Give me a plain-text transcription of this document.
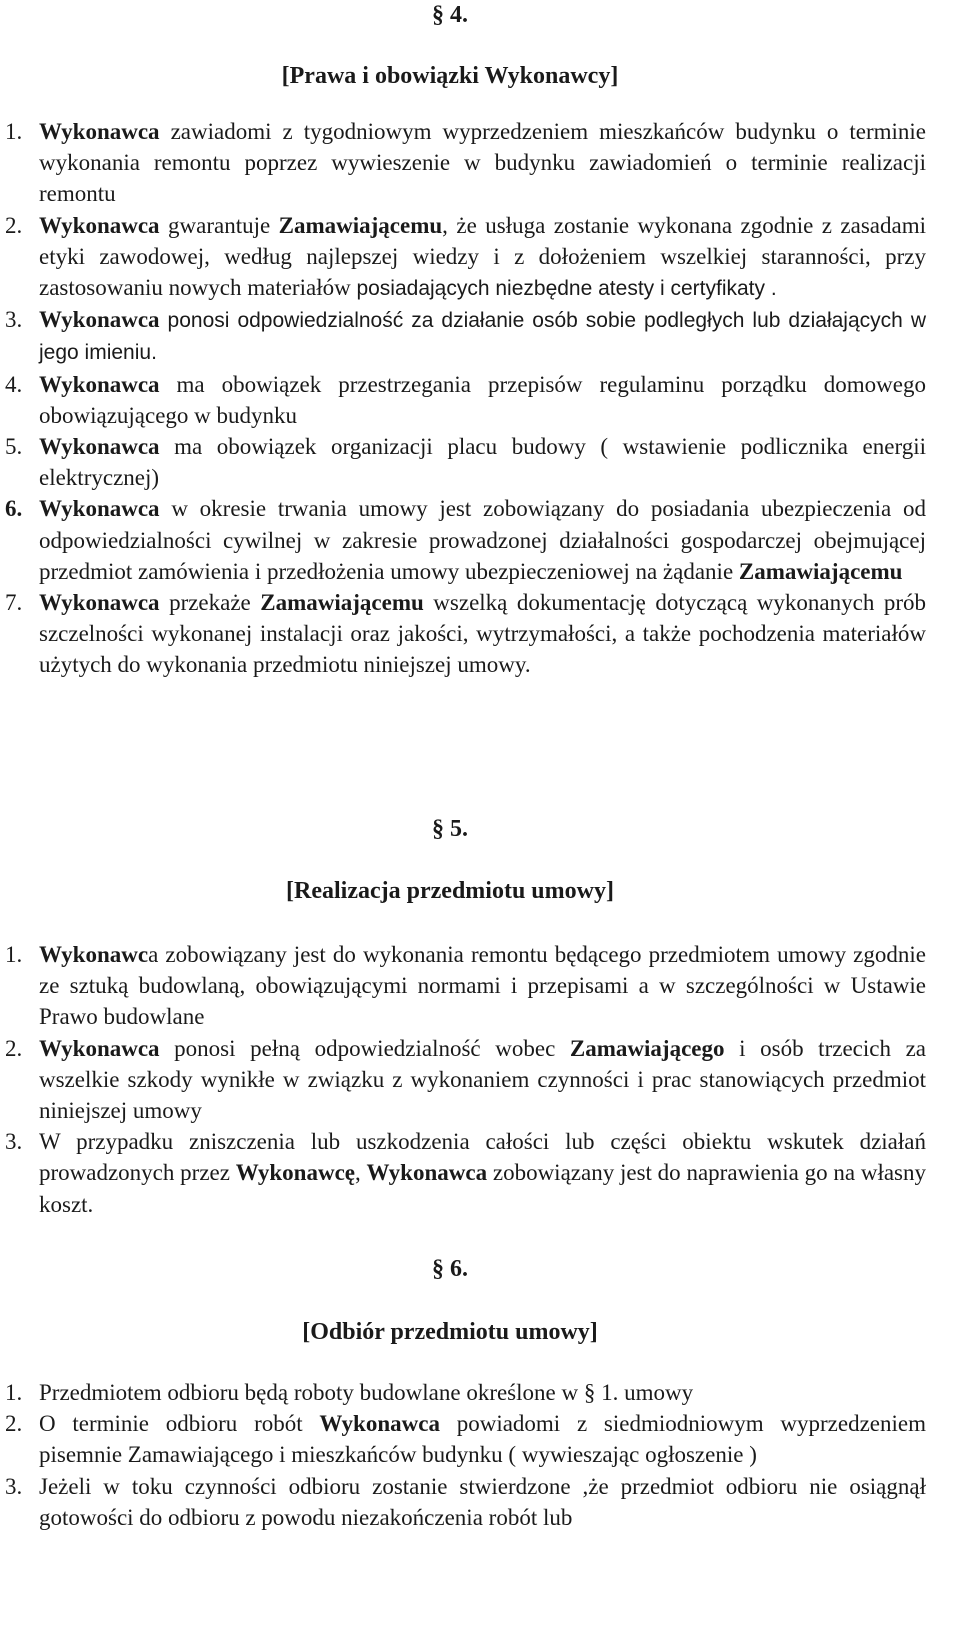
§ 4.
[Prawa i obowiązki Wykonawcy]
1. Wykonawca zawiadomi z tygodniowym wyprzedzeniem mieszkańców budynku o terminie wykonania remontu poprzez wywieszenie w budynku zawiadomień o terminie realizacji remontu
2. Wykonawca gwarantuje Zamawiającemu, że usługa zostanie wykonana zgodnie z zasadami etyki zawodowej, według najlepszej wiedzy i z dołożeniem wszelkiej staranności, przy zastosowaniu nowych materiałów posiadających niezbędne atesty i certyfikaty .
3. Wykonawca ponosi odpowiedzialność za działanie osób sobie podległych lub działających w jego imieniu.
4. Wykonawca ma obowiązek przestrzegania przepisów regulaminu porządku domowego obowiązującego w budynku
5. Wykonawca ma obowiązek organizacji placu budowy ( wstawienie podlicznika energii elektrycznej)
6. Wykonawca w okresie trwania umowy jest zobowiązany do posiadania ubezpieczenia od odpowiedzialności cywilnej w zakresie prowadzonej działalności gospodarczej obejmującej przedmiot zamówienia i przedłożenia umowy ubezpieczeniowej na żądanie Zamawiającemu
7. Wykonawca przekaże Zamawiającemu wszelką dokumentację dotyczącą wykonanych prób szczelności wykonanej instalacji oraz jakości, wytrzymałości, a także pochodzenia materiałów użytych do wykonania przedmiotu niniejszej umowy.
§ 5.
[Realizacja przedmiotu umowy]
1. Wykonawca zobowiązany jest do wykonania remontu będącego przedmiotem umowy zgodnie ze sztuką budowlaną, obowiązującymi normami i przepisami a w szczególności w Ustawie Prawo budowlane
2. Wykonawca ponosi pełną odpowiedzialność wobec Zamawiającego i osób trzecich za wszelkie szkody wynikłe w związku z wykonaniem czynności i prac stanowiących przedmiot niniejszej umowy
3. W przypadku zniszczenia lub uszkodzenia całości lub części obiektu wskutek działań prowadzonych przez Wykonawcę, Wykonawca zobowiązany jest do naprawienia go na własny koszt.
§ 6.
[Odbiór przedmiotu umowy]
1. Przedmiotem odbioru będą roboty budowlane określone w § 1. umowy
2. O terminie odbioru robót Wykonawca powiadomi z siedmiodniowym wyprzedzeniem pisemnie Zamawiającego i mieszkańców budynku ( wywieszając ogłoszenie )
3. Jeżeli w toku czynności odbioru zostanie stwierdzone ,że przedmiot odbioru nie osiągnął gotowości do odbioru z powodu niezakończenia robót lub
